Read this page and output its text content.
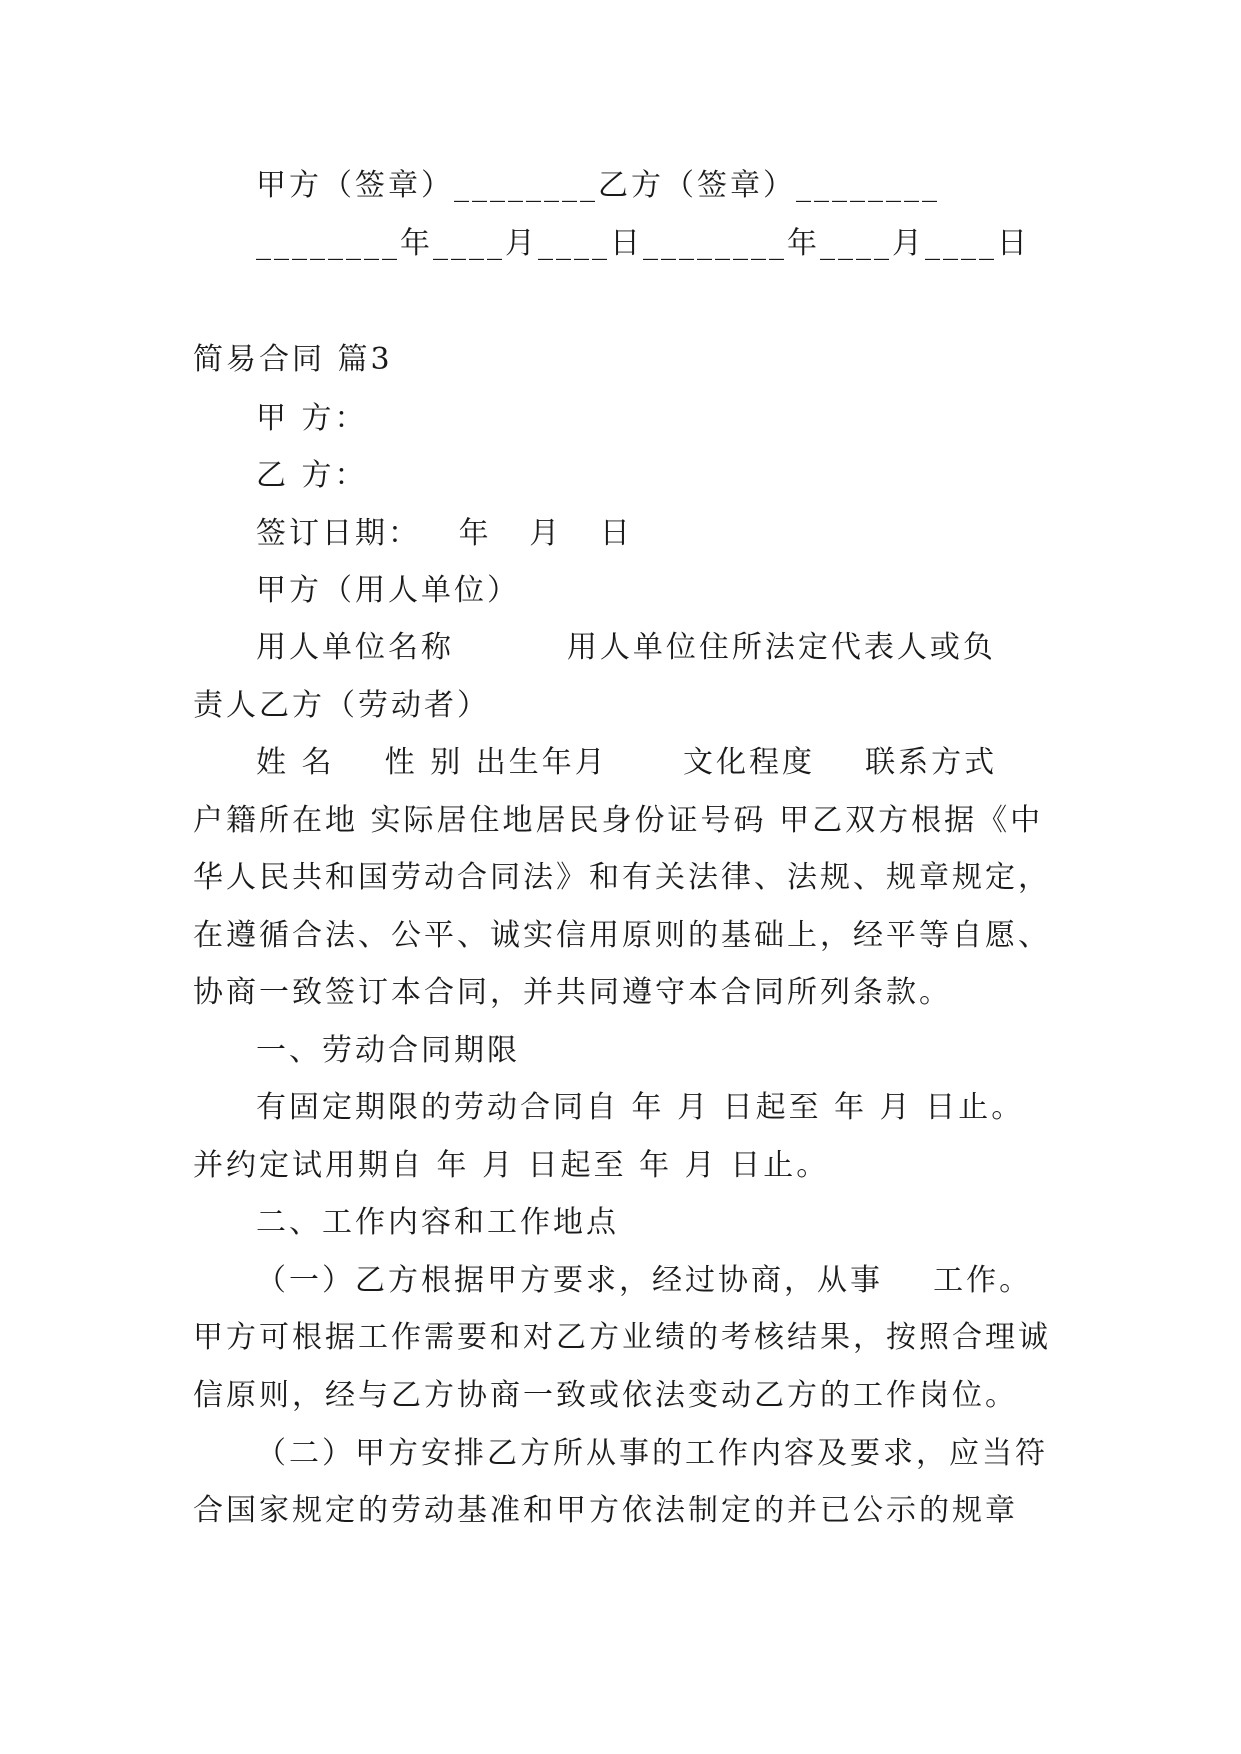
甲方（签章）________乙方（签章）________
________年____月____日________年____月____日
简易合同 篇3
甲 方：
乙 方：
签订日期：   年   月   日
甲方（用人单位）
用人单位名称         用人单位住所法定代表人或负
责人乙方（劳动者）
姓 名    性 别 出生年月      文化程度    联系方式
户籍所在地 实际居住地居民身份证号码 甲乙双方根据《中
华人民共和国劳动合同法》和有关法律、法规、规章规定，
在遵循合法、公平、诚实信用原则的基础上，经平等自愿、
协商一致签订本合同，并共同遵守本合同所列条款。
一、劳动合同期限
有固定期限的劳动合同自 年 月 日起至 年 月 日止。
并约定试用期自 年 月 日起至 年 月 日止。
二、工作内容和工作地点
（一）乙方根据甲方要求，经过协商，从事    工作。
甲方可根据工作需要和对乙方业绩的考核结果，按照合理诚
信原则，经与乙方协商一致或依法变动乙方的工作岗位。
（二）甲方安排乙方所从事的工作内容及要求，应当符
合国家规定的劳动基准和甲方依法制定的并已公示的规章
